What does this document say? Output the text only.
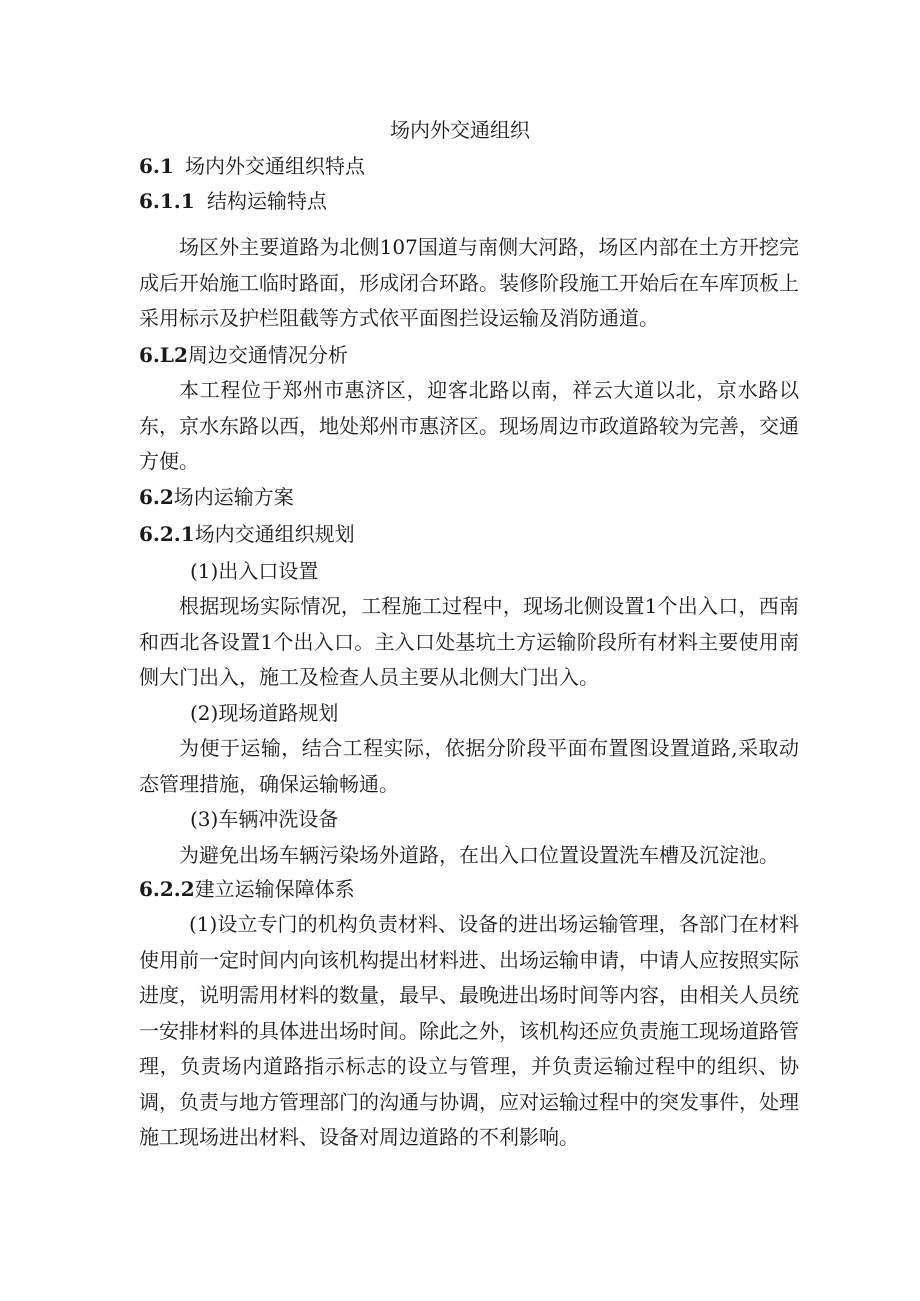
场内外交通组织
6.1 场内外交通组织特点
6.1.1 结构运输特点

场区外主要道路为北侧107国道与南侧大河路，场区内部在土方开挖完成后开始施工临时路面，形成闭合环路。装修阶段施工开始后在车库顶板上采用标示及护栏阻截等方式依平面图拦设运输及消防通道。

6.L2周边交通情况分析

本工程位于郑州市惠济区，迎客北路以南，祥云大道以北，京水路以东，京水东路以西，地处郑州市惠济区。现场周边市政道路较为完善，交通方便。

6.2场内运输方案
6.2.1场内交通组织规划
(1)出入口设置

根据现场实际情况，工程施工过程中，现场北侧设置1个出入口，西南和西北各设置1个出入口。主入口处基坑土方运输阶段所有材料主要使用南侧大门出入，施工及检查人员主要从北侧大门出入。

(2)现场道路规划

为便于运输，结合工程实际，依据分阶段平面布置图设置道路,采取动态管理措施，确保运输畅通。

(3)车辆冲洗设备

为避免出场车辆污染场外道路，在出入口位置设置洗车槽及沉淀池。

6.2.2建立运输保障体系

(1)设立专门的机构负责材料、设备的进出场运输管理，各部门在材料使用前一定时间内向该机构提出材料进、出场运输申请，中请人应按照实际进度，说明需用材料的数量，最早、最晚进出场时间等内容，由相关人员统一安排材料的具体进出场时间。除此之外，该机构还应负责施工现场道路管理，负责场内道路指示标志的设立与管理，并负责运输过程中的组织、协调，负责与地方管理部门的沟通与协调，应对运输过程中的突发事件，处理施工现场进出材料、设备对周边道路的不利影响。
